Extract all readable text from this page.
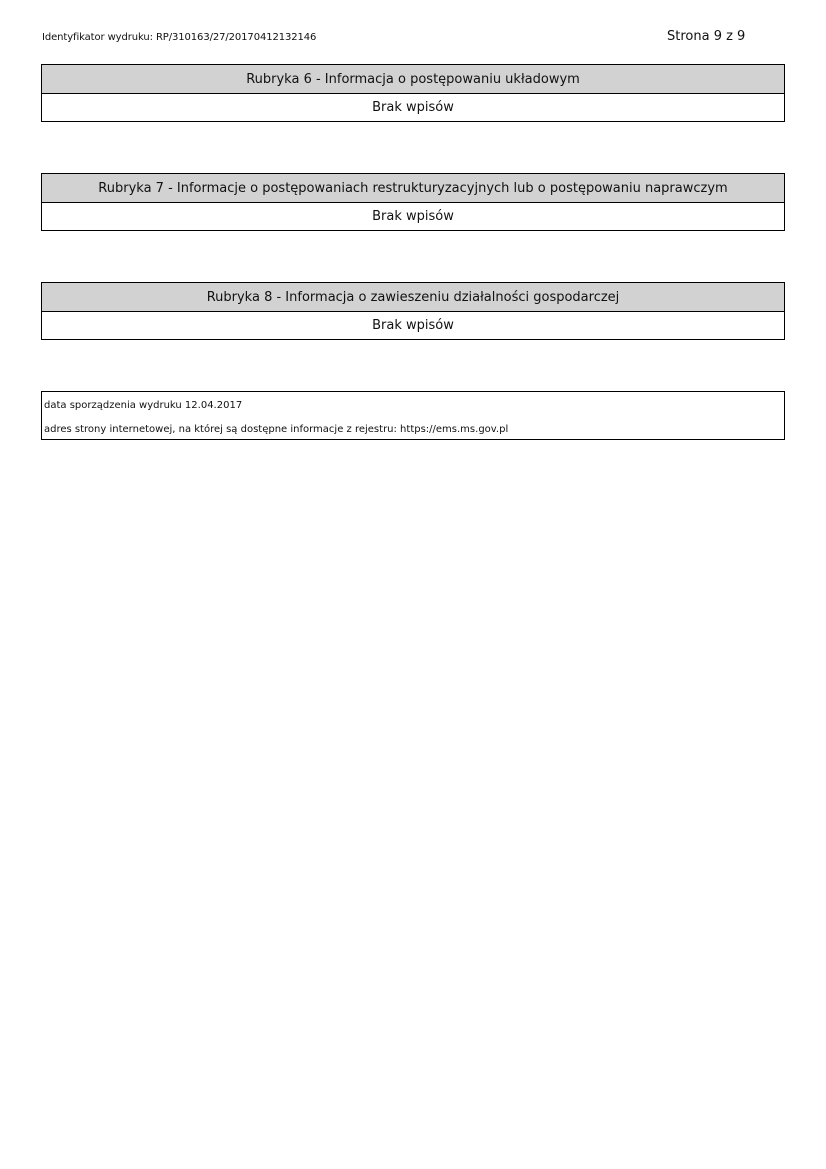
Identyfikator wydruku: RP/310163/27/20170412132146	Strona 9 z 9
Rubryka 6 - Informacja o postępowaniu układowym
Brak wpisów
Rubryka 7 - Informacje o postępowaniach restrukturyzacyjnych lub o postępowaniu naprawczym
Brak wpisów
Rubryka 8 - Informacja o zawieszeniu działalności gospodarczej
Brak wpisów
data sporządzenia wydruku 12.04.2017
adres strony internetowej, na której są dostępne informacje z rejestru: https://ems.ms.gov.pl
